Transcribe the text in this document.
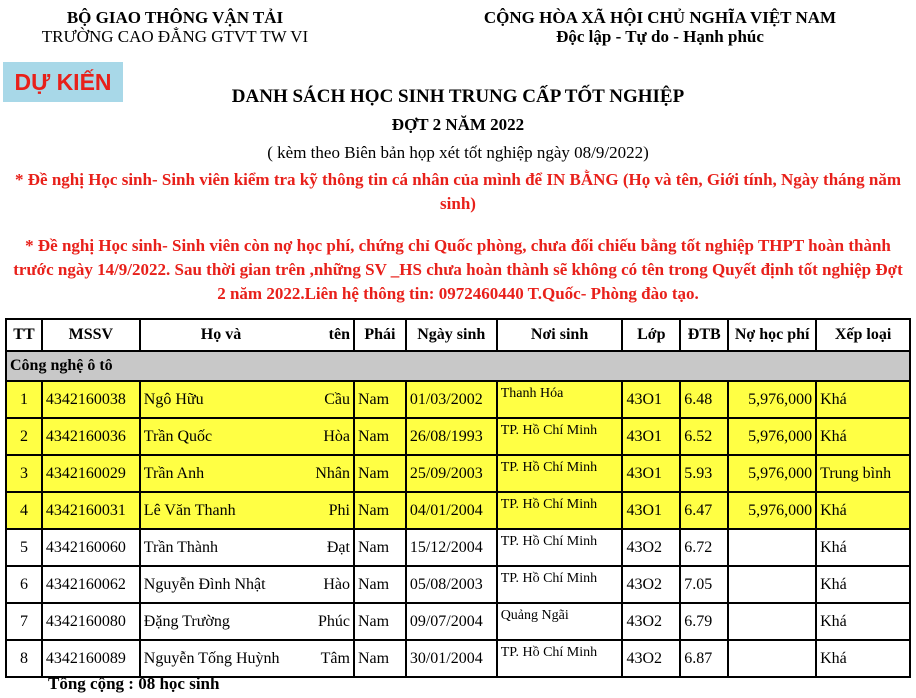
BỘ GIAO THÔNG VẬN TẢI
TRƯỜNG CAO ĐẲNG GTVT TW VI
CỘNG HÒA XÃ HỘI CHỦ NGHĨA VIỆT NAM
Độc lập - Tự do - Hạnh phúc
DỰ KIẾN
DANH SÁCH HỌC SINH TRUNG CẤP TỐT NGHIỆP
ĐỢT 2 NĂM 2022
( kèm theo Biên bản họp xét tốt nghiệp ngày 08/9/2022)
* Đề nghị Học sinh- Sinh viên kiểm tra kỹ thông tin cá nhân của mình để IN BẰNG (Họ và tên, Giới tính, Ngày tháng năm sinh)
* Đề nghị Học sinh- Sinh viên còn nợ học phí, chứng chỉ Quốc phòng, chưa đối chiếu bằng tốt nghiệp THPT hoàn thành trước ngày 14/9/2022. Sau thời gian trên ,những SV _HS chưa hoàn thành sẽ không có tên trong Quyết định tốt nghiệp Đợt 2 năm 2022.Liên hệ thông tin: 0972460440 T.Quốc- Phòng đào tạo.
TT	MSSV	Họ và tên	Phái	Ngày sinh	Nơi sinh	Lớp	ĐTB	Nợ học phí	Xếp loại
Công nghệ ô tô									
1	4342160038	Ngô Hữu Cầu	Nam	01/03/2002	Thanh Hóa	43O1	6.48	5,976,000	Khá
2	4342160036	Trần Quốc Hòa	Nam	26/08/1993	TP. Hồ Chí Minh	43O1	6.52	5,976,000	Khá
3	4342160029	Trần Anh Nhân	Nam	25/09/2003	TP. Hồ Chí Minh	43O1	5.93	5,976,000	Trung bình
4	4342160031	Lê Văn Thanh Phi	Nam	04/01/2004	TP. Hồ Chí Minh	43O1	6.47	5,976,000	Khá
5	4342160060	Trần Thành Đạt	Nam	15/12/2004	TP. Hồ Chí Minh	43O2	6.72		Khá
6	4342160062	Nguyễn Đình Nhật Hào	Nam	05/08/2003	TP. Hồ Chí Minh	43O2	7.05		Khá
7	4342160080	Đặng Trường Phúc	Nam	09/07/2004	Quảng Ngãi	43O2	6.79		Khá
8	4342160089	Nguyễn Tống Huỳnh Tâm	Nam	30/01/2004	TP. Hồ Chí Minh	43O2	6.87		Khá
Tổng cộng : 08 học sinh
